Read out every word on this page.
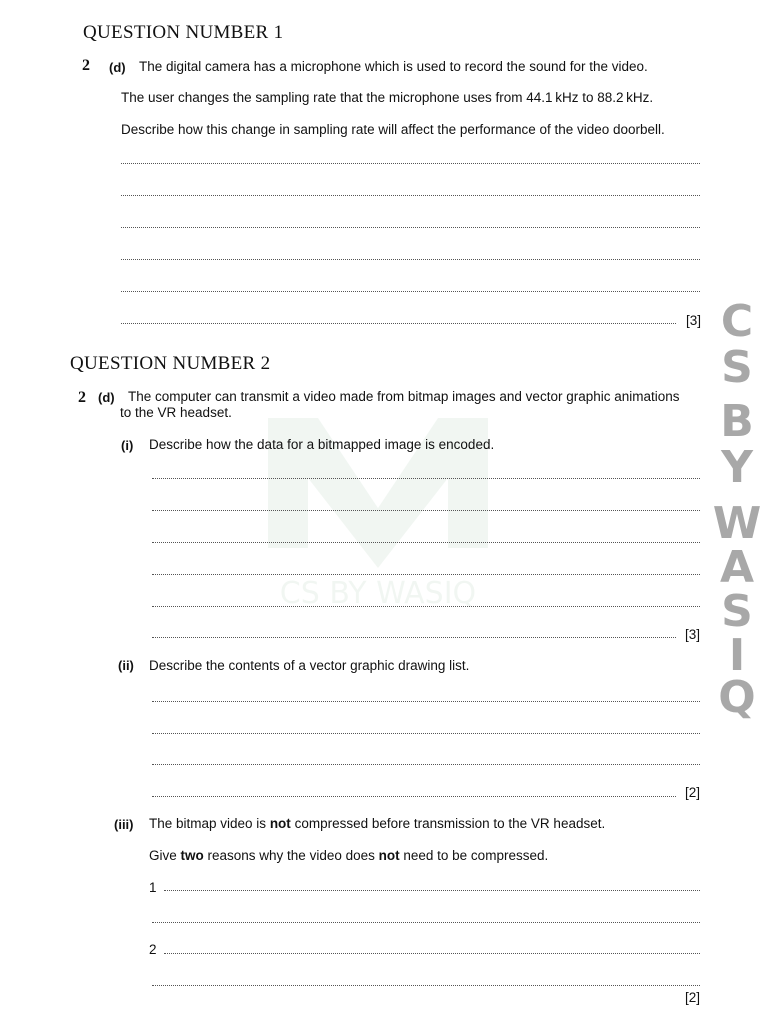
CS BY WASIQ
QUESTION NUMBER 1
2 (d) The digital camera has a microphone which is used to record the sound for the video.
The user changes the sampling rate that the microphone uses from 44.1 kHz to 88.2 kHz.
Describe how this change in sampling rate will affect the performance of the video doorbell.
[3]
QUESTION NUMBER 2
2 (d) The computer can transmit a video made from bitmap images and vector graphic animations
to the VR headset.
(i) Describe how the data for a bitmapped image is encoded.
[3]
(ii) Describe the contents of a vector graphic drawing list.
[2]
(iii) The bitmap video is not compressed before transmission to the VR headset.
Give two reasons why the video does not need to be compressed.
1
2
[2]
C
S
B
Y
W
A
S
I
Q
